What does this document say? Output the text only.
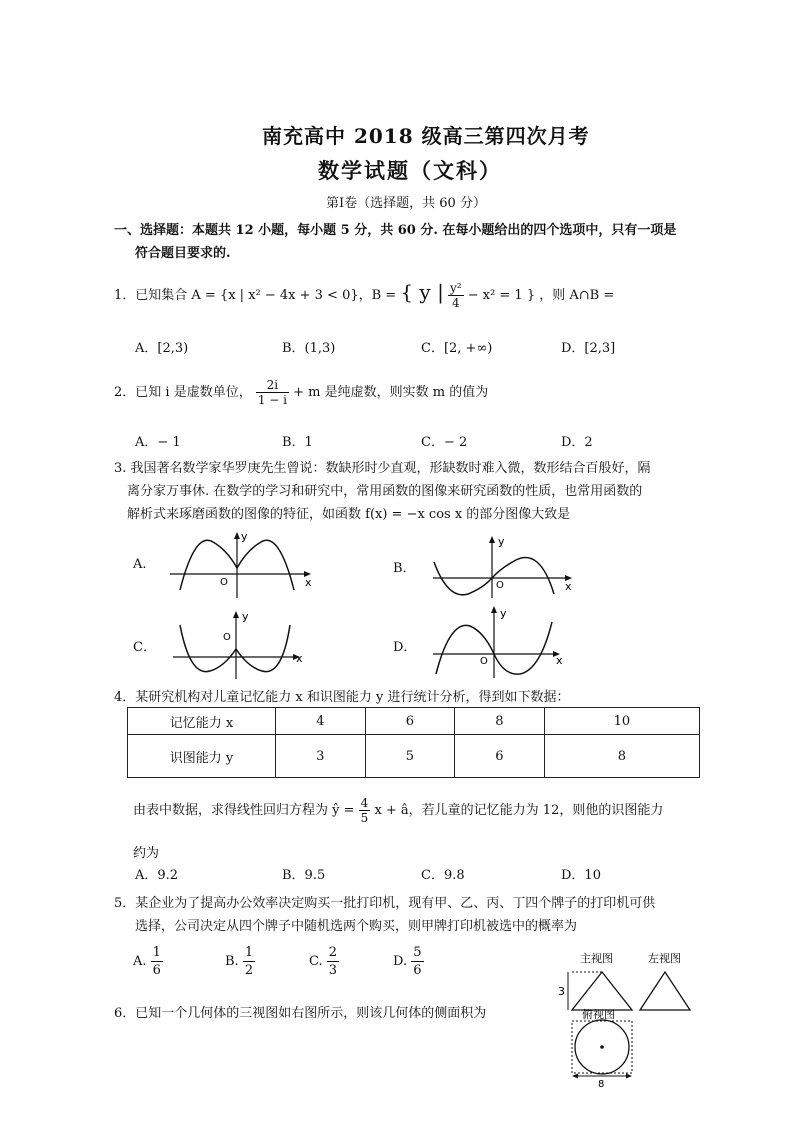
南充高中 2018 级高三第四次月考
数学试题（文科）
第Ⅰ卷（选择题，共 60 分）
一、选择题：本题共 12 小题，每小题 5 分，共 60 分. 在每小题给出的四个选项中，只有一项是
符合题目要求的.
1．已知集合 A = {x | x² − 4x + 3 < 0}，B = { y | $\frac{\text{y²}}{4} - x^2 = 1$ } ，则 A∩B =
A．[2,3)	B．(1,3)	C．[2, +∞)	D．[2,3]
2．已知 i 是虚数单位， $\frac{2i}{1 - i} + m$ 是纯虚数，则实数 m 的值为
A．− 1	B．1	C．− 2	D．2
3. 我国著名数学家华罗庚先生曾说：数缺形时少直观，形缺数时难入微，数形结合百般好，隔
离分家万事休. 在数学的学习和研究中，常用函数的图像来研究函数的性质，也常用函数的
解析式来琢磨函数的图像的特征，如函数 f(x) = −x cos x 的部分图像大致是
A.	B．
C．	D．
y
x
O
y
x
O
y
x
O
y
x
O
4．某研究机构对儿童记忆能力 x 和识图能力 y 进行统计分析，得到如下数据：
记忆能力 x	4	6	8	10
识图能力 y	3	5	6	8
由表中数据，求得线性回归方程为 ŷ = $\frac{4}{5}$ x + â，若儿童的记忆能力为 12，则他的识图能力
约为
A．9.2	B．9.5	C．9.8	D．10
5．某企业为了提高办公效率决定购买一批打印机，现有甲、乙、丙、丁四个牌子的打印机可供
选择，公司决定从四个牌子中随机选两个购买，则甲牌打印机被选中的概率为
A. $\frac{1}{6}$	B. $\frac{1}{2}$	C. $\frac{2}{3}$	D. $\frac{5}{6}$
6．已知一个几何体的三视图如右图所示，则该几何体的侧面积为
主视图	左视图
3
俯视图
8
